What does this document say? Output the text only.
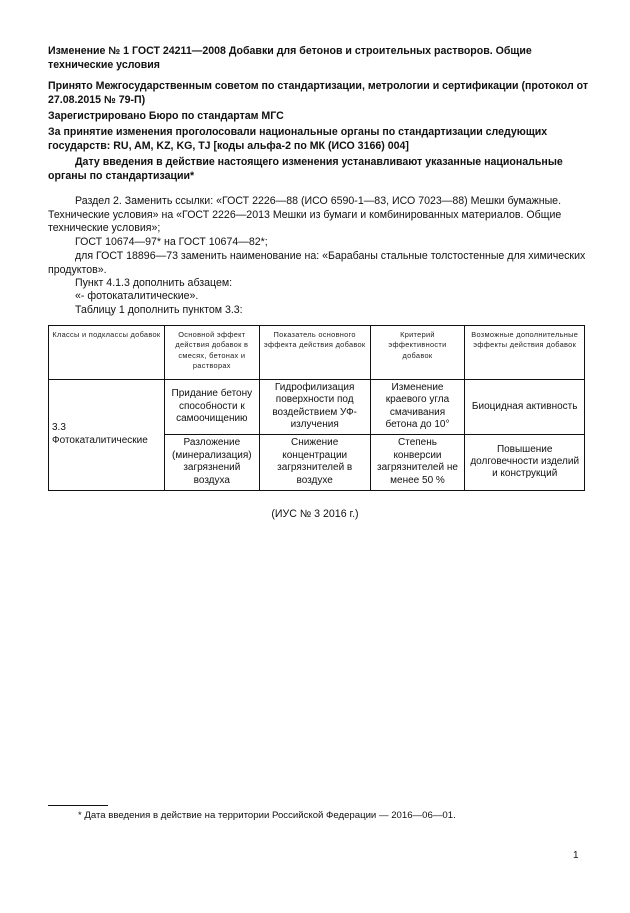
Изменение № 1 ГОСТ 24211—2008 Добавки для бетонов и строительных растворов. Общие технические условия

Принято Межгосударственным советом по стандартизации, метрологии и сертификации (протокол от 27.08.2015 № 79-П)

Зарегистрировано Бюро по стандартам МГС

За принятие изменения проголосовали национальные органы по стандартизации следующих государств: RU, AM, KZ, KG, TJ [коды альфа-2 по МК (ИСО 3166) 004]

Дату введения в действие настоящего изменения устанавливают указанные национальные органы по стандартизации*

Раздел 2. Заменить ссылки: «ГОСТ 2226—88 (ИСО 6590-1—83, ИСО 7023—88) Мешки бумажные. Технические условия» на «ГОСТ 2226—2013 Мешки из бумаги и комбинированных материалов. Общие технические условия»;

ГОСТ 10674—97* на ГОСТ 10674—82*;

для ГОСТ 18896—73 заменить наименование на: «Барабаны стальные толстостенные для химических продуктов».

Пункт 4.1.3 дополнить абзацем:

«- фотокаталитические».

Таблицу 1 дополнить пунктом 3.3:

Классы и подклассы добавок	Основной эффект действия добавок в смесях, бетонах и растворах	Показатель основного эффекта действия добавок	Критерий эффективности добавок	Возможные дополнительные эффекты действия добавок
3.3 Фотокаталитические	Придание бетону способности к самоочищению	Гидрофилизация поверхности под воздействием УФ-излучения	Изменение краевого угла смачивания бетона до 10°	Биоцидная активность
	Разложение (минерализация) загрязнений воздуха	Снижение концентрации загрязнителей в воздухе	Степень конверсии загрязнителей не менее 50 %	Повышение долговечности изделий и конструкций
(ИУС № 3 2016 г.)
* Дата введения в действие на территории Российской Федерации — 2016—06—01.
1
